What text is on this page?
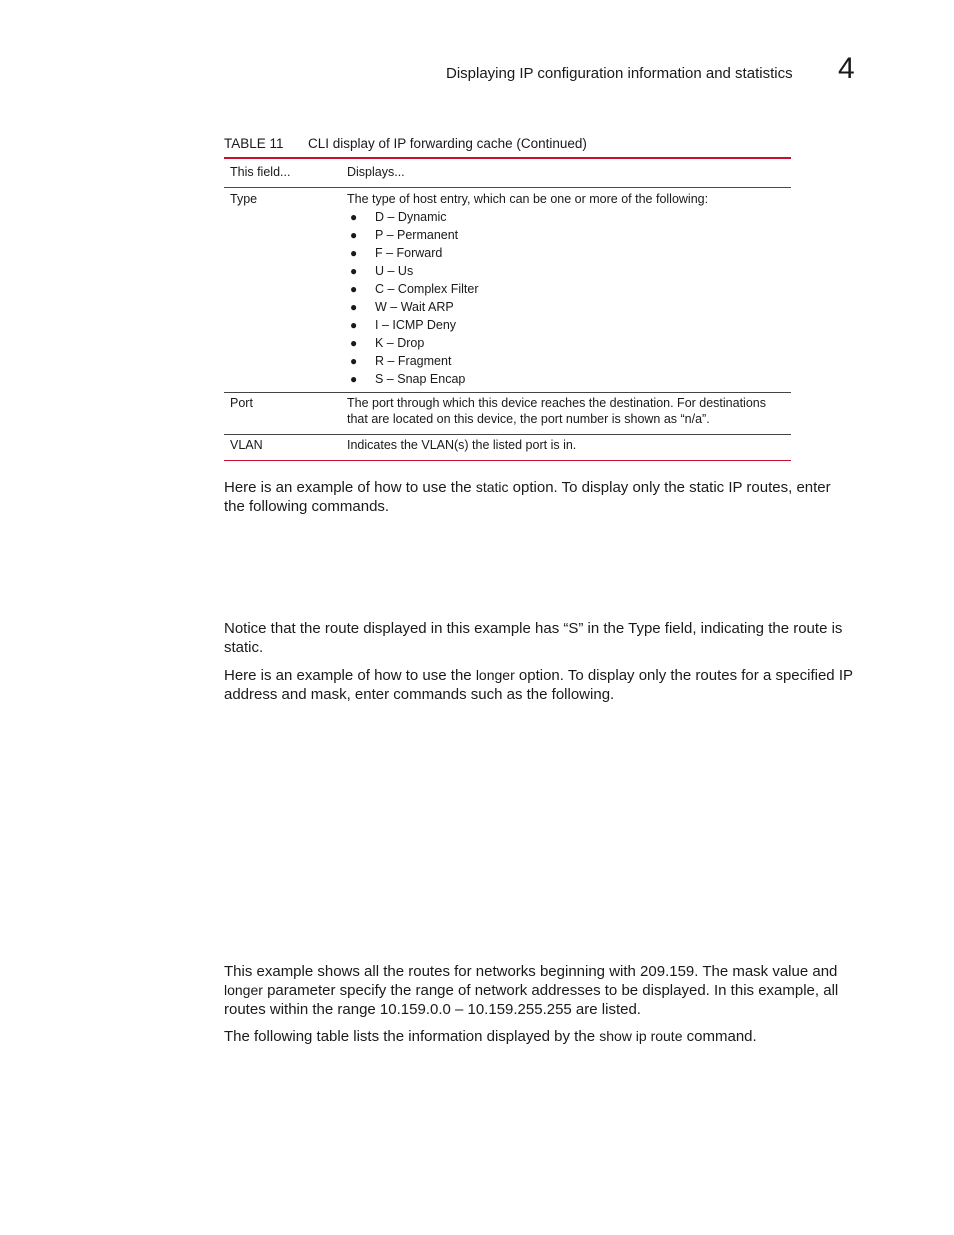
Displaying IP configuration information and statistics 4
TABLE 11 CLI display of IP forwarding cache (Continued)
This field...	Displays...
Type	The type of host entry, which can be one or more of the following:
● D – Dynamic
● P – Permanent
● F – Forward
● U – Us
● C – Complex Filter
● W – Wait ARP
● I – ICMP Deny
● K – Drop
● R – Fragment
● S – Snap Encap
Port	The port through which this device reaches the destination. For destinations
that are located on this device, the port number is shown as “n/a”.
VLAN	Indicates the VLAN(s) the listed port is in.

Here is an example of how to use the static option. To display only the static IP routes, enter the following commands.

Notice that the route displayed in this example has “S” in the Type field, indicating the route is static.

Here is an example of how to use the longer option. To display only the routes for a specified IP address and mask, enter commands such as the following.

This example shows all the routes for networks beginning with 209.159. The mask value and longer parameter specify the range of network addresses to be displayed. In this example, all routes within the range 10.159.0.0 – 10.159.255.255 are listed.

The following table lists the information displayed by the show ip route command.
